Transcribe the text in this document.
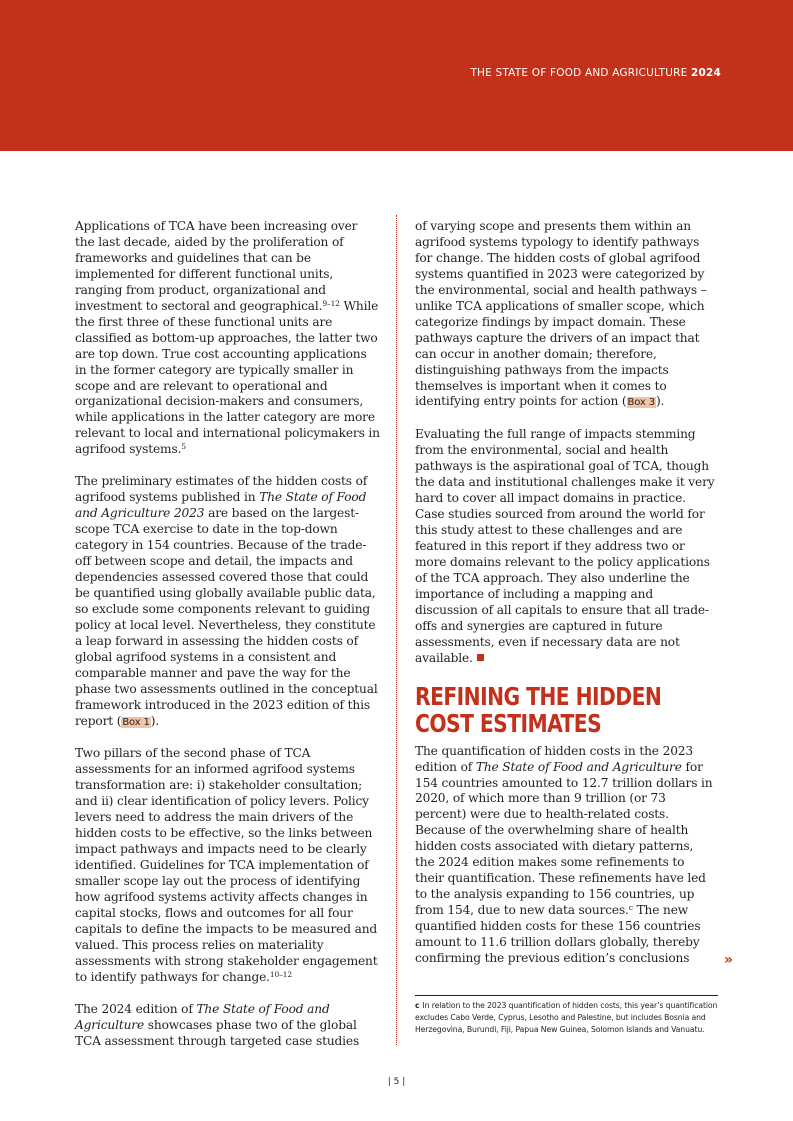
THE STATE OF FOOD AND AGRICULTURE 2024

Applications of TCA have been increasing over the last decade, aided by the proliferation of frameworks and guidelines that can be implemented for different functional units, ranging from product, organizational and investment to sectoral and geographical.$^{9-12}$ While the first three of these functional units are classified as bottom-up approaches, the latter two are top down. True cost accounting applications in the former category are typically smaller in scope and are relevant to operational and organizational decision-makers and consumers, while applications in the latter category are more relevant to local and international policymakers in agrifood systems.$^5$

The preliminary estimates of the hidden costs of agrifood systems published in The State of Food and Agriculture 2023 are based on the largest-scope TCA exercise to date in the top-down category in 154 countries. Because of the trade-off between scope and detail, the impacts and dependencies assessed covered those that could be quantified using globally available public data, so exclude some components relevant to guiding policy at local level. Nevertheless, they constitute a leap forward in assessing the hidden costs of global agrifood systems in a consistent and comparable manner and pave the way for the phase two assessments outlined in the conceptual framework introduced in the 2023 edition of this report (Box 1).

Two pillars of the second phase of TCA assessments for an informed agrifood systems transformation are: i) stakeholder consultation; and ii) clear identification of policy levers. Policy levers need to address the main drivers of the hidden costs to be effective, so the links between impact pathways and impacts need to be clearly identified. Guidelines for TCA implementation of smaller scope lay out the process of identifying how agrifood systems activity affects changes in capital stocks, flows and outcomes for all four capitals to define the impacts to be measured and valued. This process relies on materiality assessments with strong stakeholder engagement to identify pathways for change.$^{10-12}$

The 2024 edition of The State of Food and Agriculture showcases phase two of the global TCA assessment through targeted case studies

of varying scope and presents them within an agrifood systems typology to identify pathways for change. The hidden costs of global agrifood systems quantified in 2023 were categorized by the environmental, social and health pathways – unlike TCA applications of smaller scope, which categorize findings by impact domain. These pathways capture the drivers of an impact that can occur in another domain; therefore, distinguishing pathways from the impacts themselves is important when it comes to identifying entry points for action (Box 3).

Evaluating the full range of impacts stemming from the environmental, social and health pathways is the aspirational goal of TCA, though the data and institutional challenges make it very hard to cover all impact domains in practice. Case studies sourced from around the world for this study attest to these challenges and are featured in this report if they address two or more domains relevant to the policy applications of the TCA approach. They also underline the importance of including a mapping and discussion of all capitals to ensure that all trade-offs and synergies are captured in future assessments, even if necessary data are not available.

REFINING THE HIDDEN
COST ESTIMATES

The quantification of hidden costs in the 2023 edition of The State of Food and Agriculture for 154 countries amounted to 12.7 trillion dollars in 2020, of which more than 9 trillion (or 73 percent) were due to health-related costs. Because of the overwhelming share of health hidden costs associated with dietary patterns, the 2024 edition makes some refinements to their quantification. These refinements have led to the analysis expanding to 156 countries, up from 154, due to new data sources.$^c$ The new quantified hidden costs for these 156 countries amount to 11.6 trillion dollars globally, thereby confirming the previous edition’s conclusions	»
c In relation to the 2023 quantification of hidden costs, this year’s quantification excludes Cabo Verde, Cyprus, Lesotho and Palestine, but includes Bosnia and Herzegovina, Burundi, Fiji, Papua New Guinea, Solomon Islands and Vanuatu.
| 5 |
